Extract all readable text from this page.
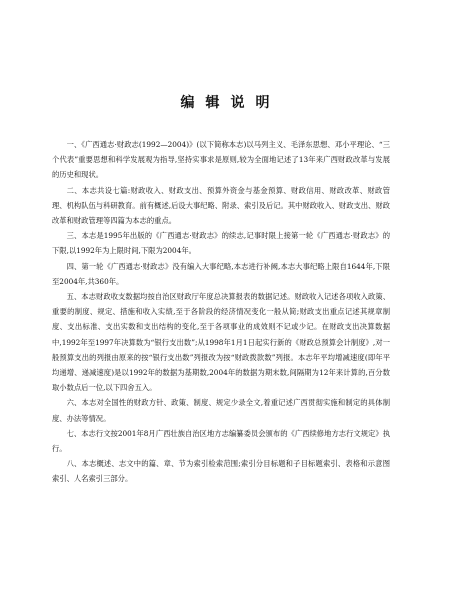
编辑说明

一、《广西通志·财政志(1992—2004)》(以下简称本志)以马列主义、毛泽东思想、邓小平理论、“三个代表”重要思想和科学发展观为指导,坚持实事求是原则,较为全面地记述了13年来广西财政改革与发展的历史和现状。

二、本志共设七篇:财政收入、财政支出、预算外资金与基金预算、财政信用、财政改革、财政管理、机构队伍与科研教育。前有概述,后设大事纪略、附录、索引及后记。其中财政收入、财政支出、财政改革和财政管理等四篇为本志的重点。

三、本志是1995年出版的《广西通志·财政志》的续志,记事时限上接第一轮《广西通志·财政志》的下限,以1992年为上限时间,下限为2004年。

四、第一轮《广西通志·财政志》没有编入大事纪略,本志进行补阙,本志大事纪略上限自1644年,下限至2004年,共360年。

五、本志财政收支数据均按自治区财政厅年度总决算报表的数据记述。财政收入记述各项收入政策、重要的制度、规定、措施和收入实绩,至于各阶段的经济情况变化一般从简;财政支出重点记述其规章制度、支出标准、支出实数和支出结构的变化,至于各项事业的成效则不记或少记。在财政支出决算数据中,1992年至1997年决算数为“银行支出数”;从1998年1月1日起实行新的《财政总预算会计制度》,对一般预算支出的列报由原来的按“银行支出数”列报改为按“财政拨款数”列报。本志年平均增减速度(即年平均递增、递减速度)是以1992年的数据为基期数,2004年的数据为期末数,间隔期为12年来计算的,百分数取小数点后一位,以下四舍五入。

六、本志对全国性的财政方针、政策、制度、规定少录全文,着重记述广西贯彻实施和制定的具体制度、办法等情况。

七、本志行文按2001年8月广西壮族自治区地方志编纂委员会颁布的《广西续修地方志行文规定》执行。

八、本志概述、志文中的篇、章、节为索引检索范围;索引分目标题和子目标题索引、表格和示意图索引、人名索引三部分。
